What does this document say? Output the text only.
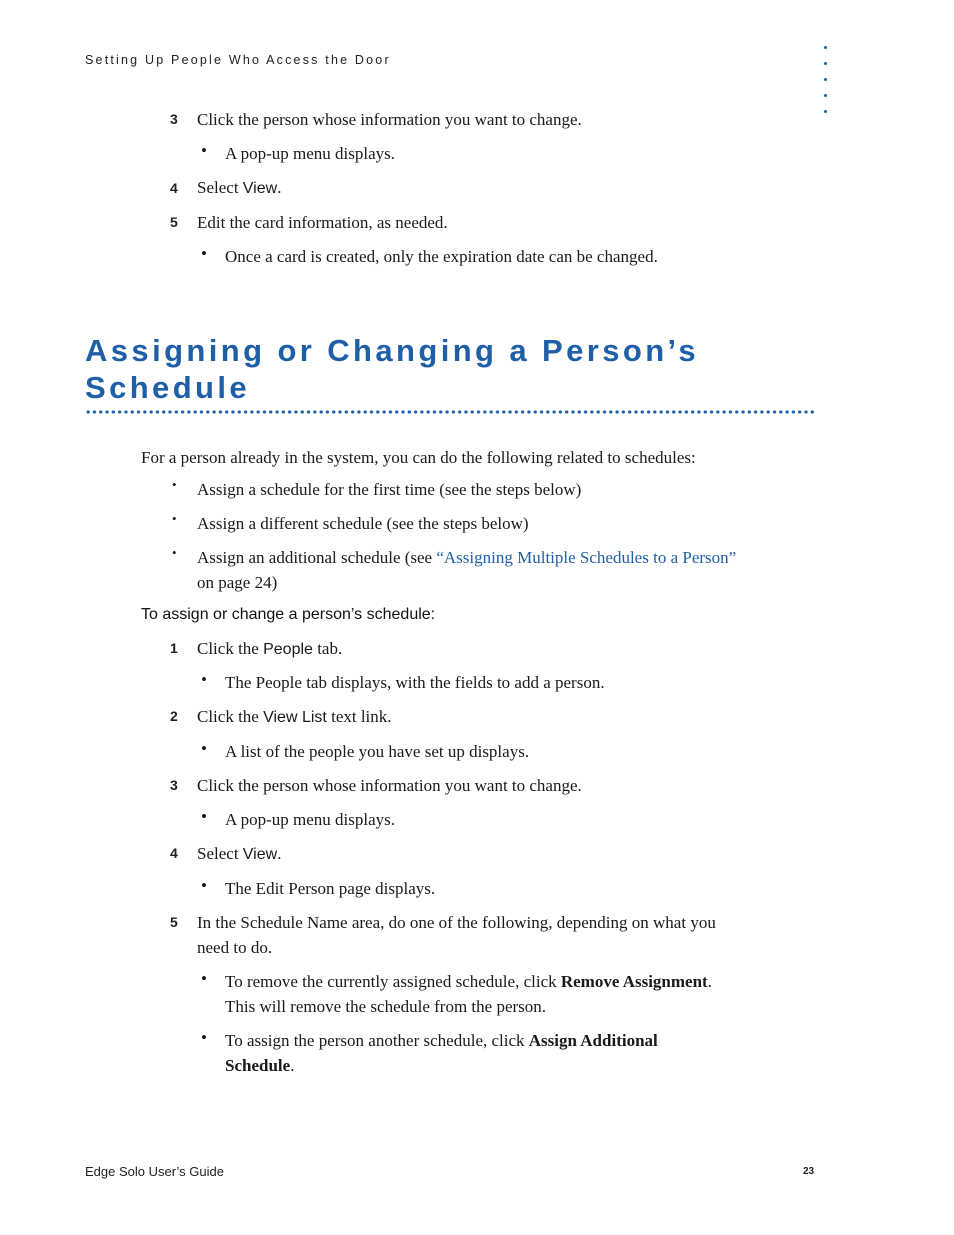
Setting Up People Who Access the Door
3 Click the person whose information you want to change.
• A pop-up menu displays.
4 Select View.
5 Edit the card information, as needed.
• Once a card is created, only the expiration date can be changed.
Assigning or Changing a Person’s
Schedule
For a person already in the system, you can do the following related to schedules:
• Assign a schedule for the first time (see the steps below)
• Assign a different schedule (see the steps below)
• Assign an additional schedule (see “Assigning Multiple Schedules to a Person”
on page 24)
To assign or change a person’s schedule:
1 Click the People tab.
• The People tab displays, with the fields to add a person.
2 Click the View List text link.
• A list of the people you have set up displays.
3 Click the person whose information you want to change.
• A pop-up menu displays.
4 Select View.
• The Edit Person page displays.
5 In the Schedule Name area, do one of the following, depending on what you
need to do.
• To remove the currently assigned schedule, click Remove Assignment.
This will remove the schedule from the person.
• To assign the person another schedule, click Assign Additional
Schedule.
Edge Solo User’s Guide	23
